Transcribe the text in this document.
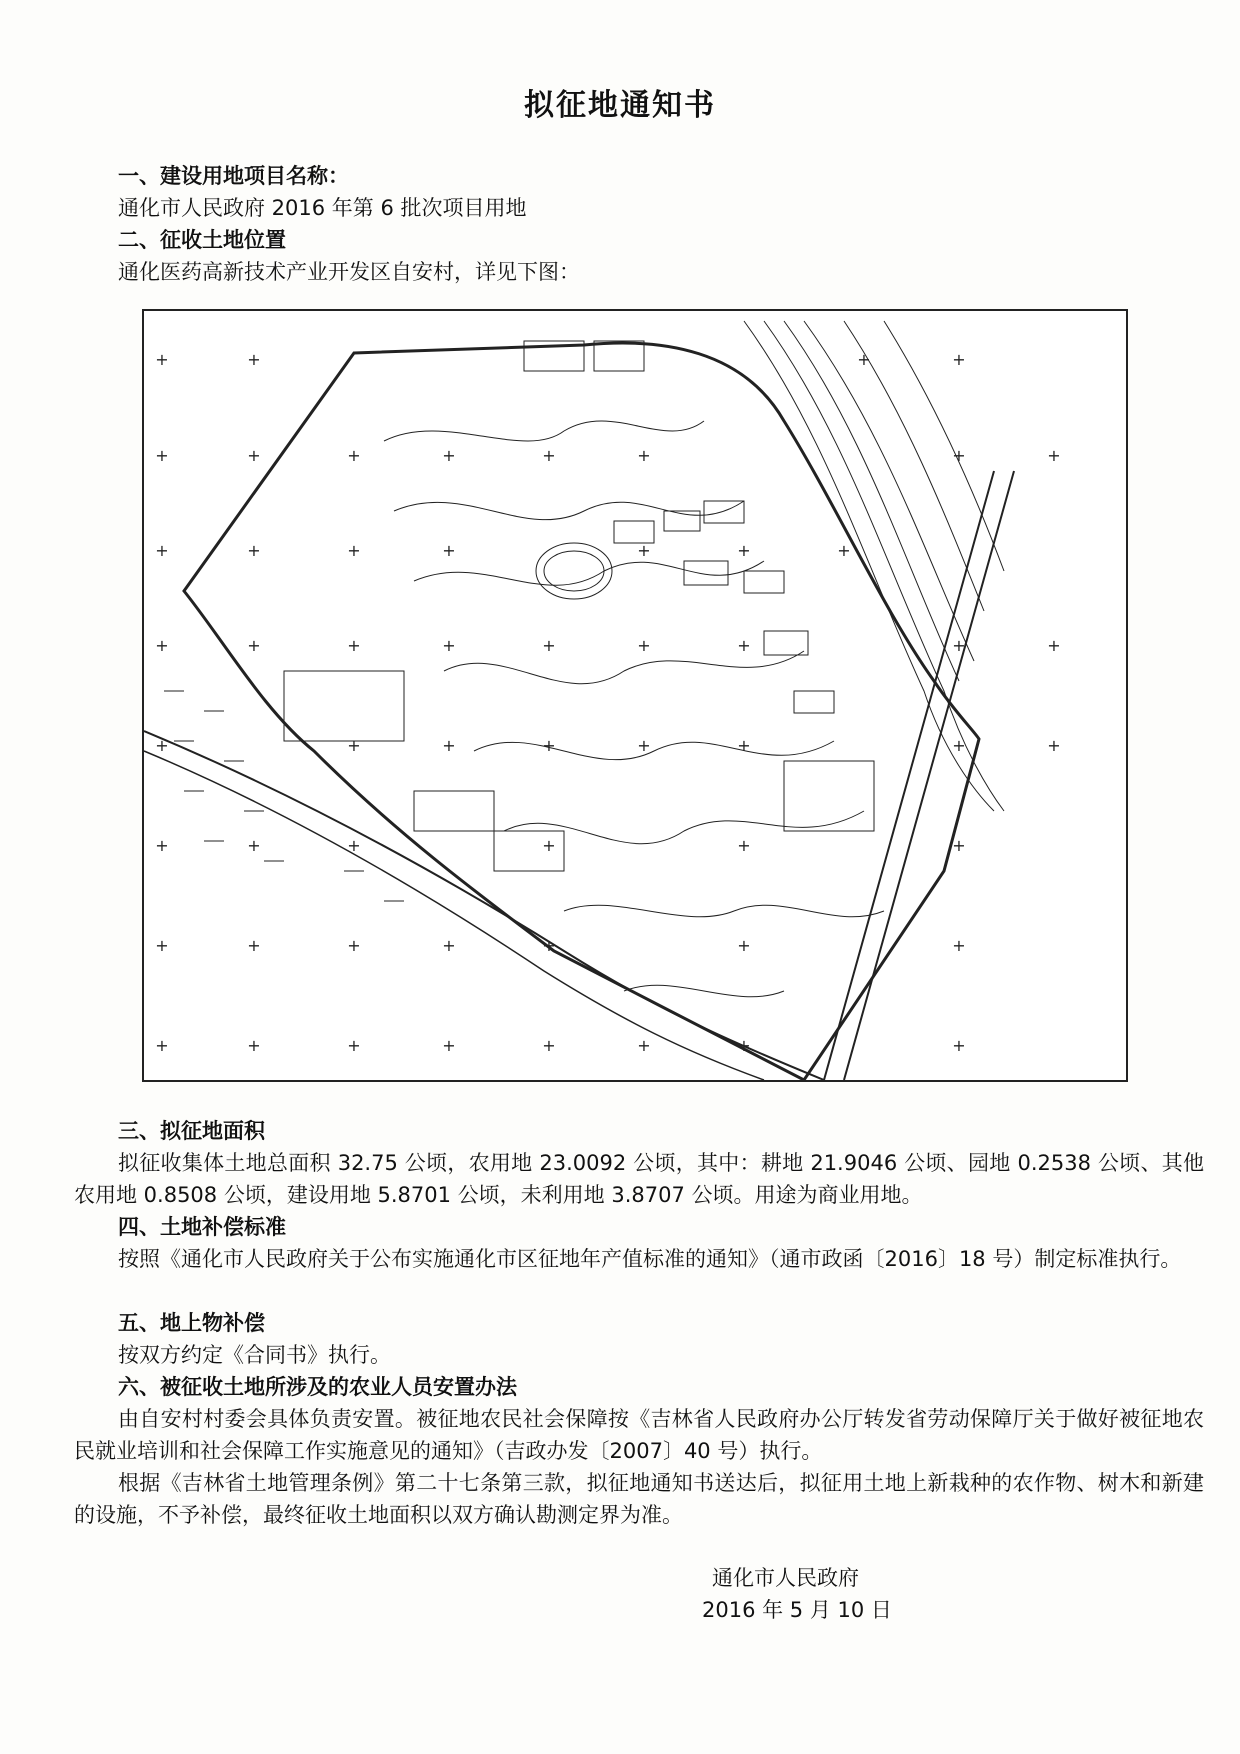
拟征地通知书
一、建设用地项目名称：
通化市人民政府 2016 年第 6 批次项目用地
二、征收土地位置
通化医药高新技术产业开发区自安村，详见下图：
+	+	+	+
+	+	+	+	+	+	+	+
+	+	+	+	+	+	+
+	+	+	+	+	+	+	+	+
+	+	+	+	+	+	+	+
+	+	+	+	+	+
+	+	+	+	+	+	+
+	+	+	+	+	+	+	+
三、拟征地面积
拟征收集体土地总面积 32.75 公顷，农用地 23.0092 公顷，其中：耕地 21.9046 公顷、园地 0.2538 公顷、其他农用地 0.8508 公顷，建设用地 5.8701 公顷，未利用地 3.8707 公顷。用途为商业用地。
四、土地补偿标准
按照《通化市人民政府关于公布实施通化市区征地年产值标准的通知》（通市政函〔2016〕18 号）制定标准执行。
五、地上物补偿
按双方约定《合同书》执行。
六、被征收土地所涉及的农业人员安置办法
由自安村村委会具体负责安置。被征地农民社会保障按《吉林省人民政府办公厅转发省劳动保障厅关于做好被征地农民就业培训和社会保障工作实施意见的通知》（吉政办发〔2007〕40 号）执行。
根据《吉林省土地管理条例》第二十七条第三款，拟征地通知书送达后，拟征用土地上新栽种的农作物、树木和新建的设施，不予补偿，最终征收土地面积以双方确认勘测定界为准。
通化市人民政府
2016 年 5 月 10 日
